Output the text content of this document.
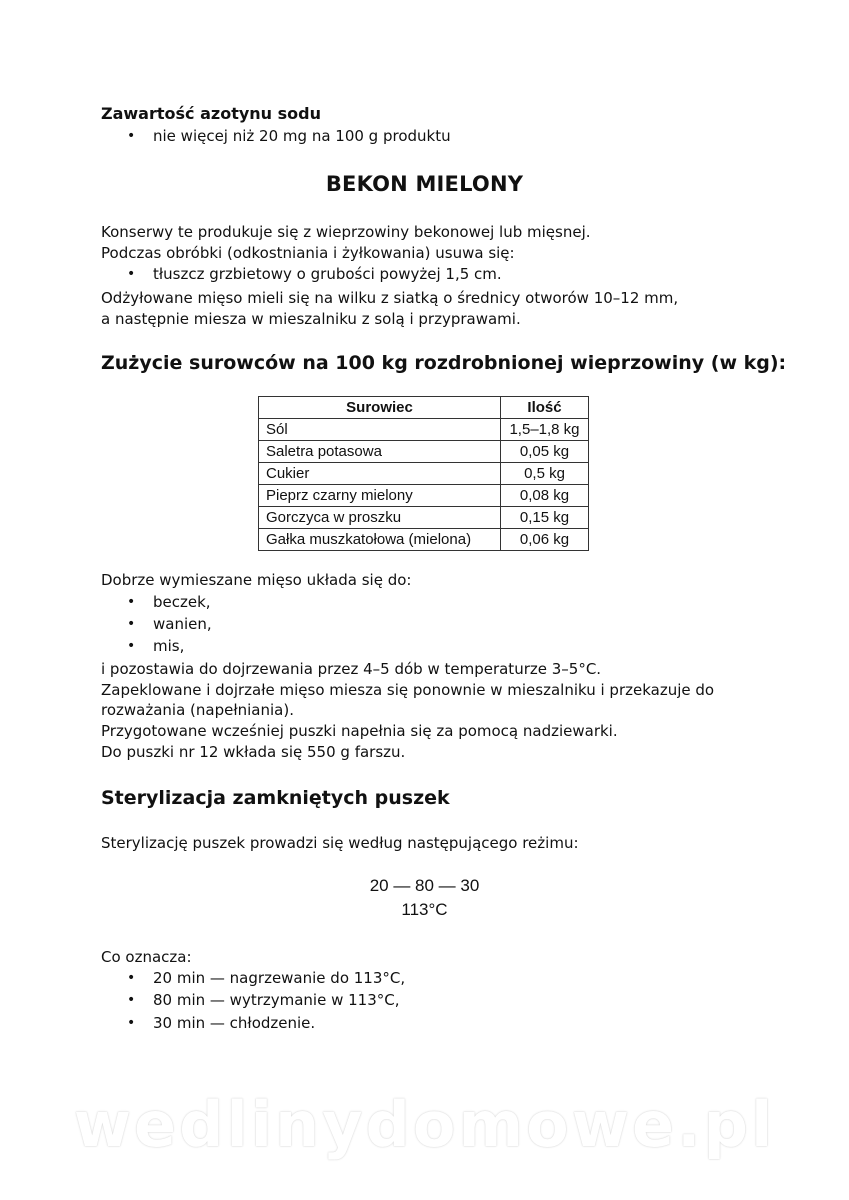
Zawartość azotynu sodu
• nie więcej niż 20 mg na 100 g produktu
BEKON MIELONY
Konserwy te produkuje się z wieprzowiny bekonowej lub mięsnej.
Podczas obróbki (odkostniania i żyłkowania) usuwa się:
• tłuszcz grzbietowy o grubości powyżej 1,5 cm.
Odżyłowane mięso mieli się na wilku z siatką o średnicy otworów 10–12 mm,
a następnie miesza w mieszalniku z solą i przyprawami.
Zużycie surowców na 100 kg rozdrobnionej wieprzowiny (w kg):
Surowiec	Ilość
Sól	1,5–1,8 kg
Saletra potasowa	0,05 kg
Cukier	0,5 kg
Pieprz czarny mielony	0,08 kg
Gorczyca w proszku	0,15 kg
Gałka muszkatołowa (mielona)	0,06 kg
Dobrze wymieszane mięso układa się do:
• beczek,
• wanien,
• mis,
i pozostawia do dojrzewania przez 4–5 dób w temperaturze 3–5°C.
Zapeklowane i dojrzałe mięso miesza się ponownie w mieszalniku i przekazuje do
rozważania (napełniania).
Przygotowane wcześniej puszki napełnia się za pomocą nadziewarki.
Do puszki nr 12 wkłada się 550 g farszu.
Sterylizacja zamkniętych puszek
Sterylizację puszek prowadzi się według następującego reżimu:
20 — 80 — 30
113°C
Co oznacza:
• 20 min — nagrzewanie do 113°C,
• 80 min — wytrzymanie w 113°C,
• 30 min — chłodzenie.
wedlinydomowe.pl
